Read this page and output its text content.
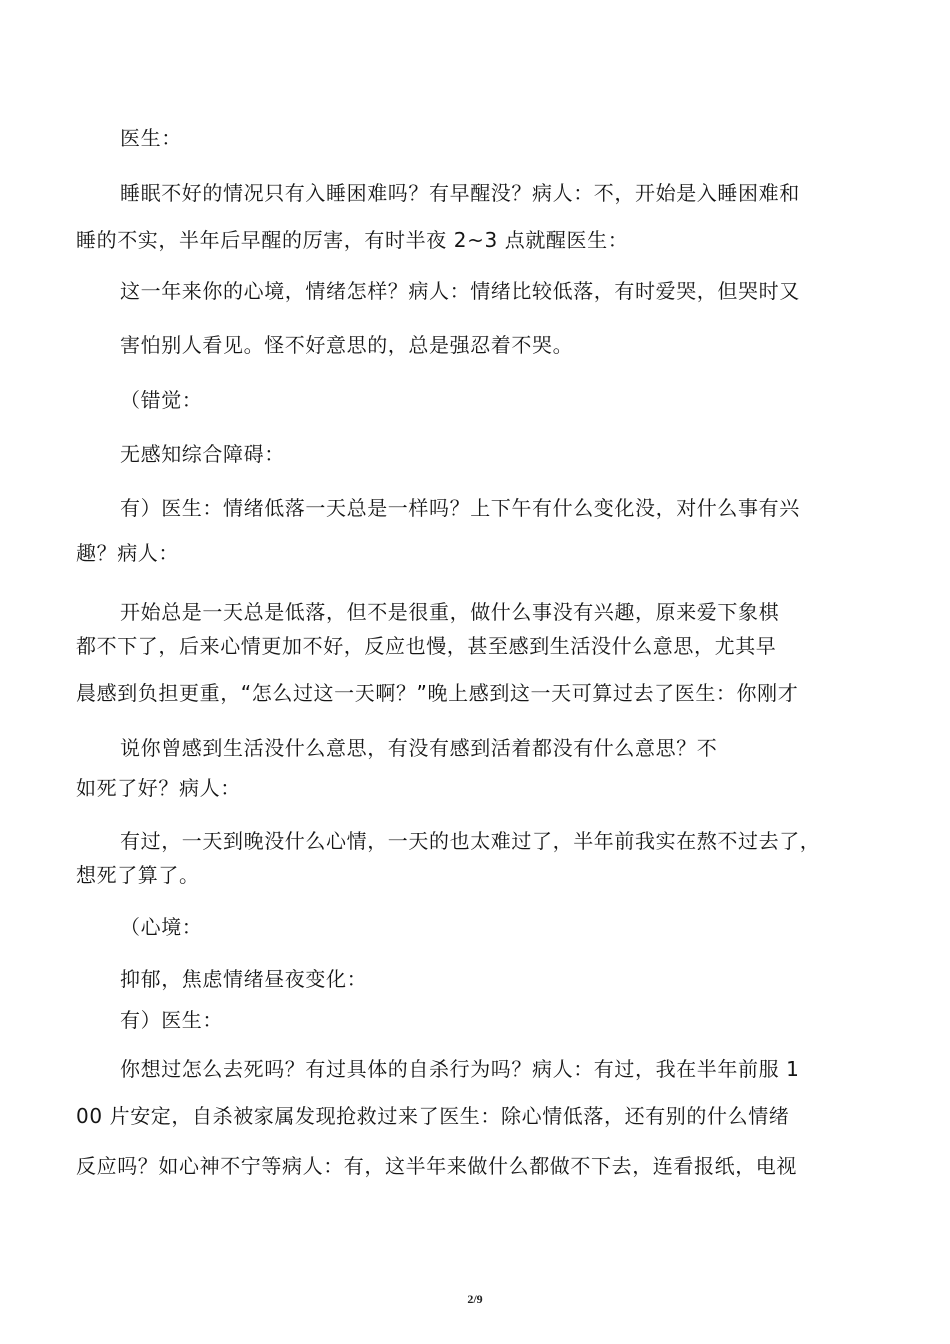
医生：
睡眠不好的情况只有入睡困难吗？有早醒没？病人：不，开始是入睡困难和
睡的不实，半年后早醒的厉害，有时半夜 2~3 点就醒医生：
这一年来你的心境，情绪怎样？病人：情绪比较低落，有时爱哭，但哭时又
害怕别人看见。怪不好意思的，总是强忍着不哭。
（错觉：
无感知综合障碍：
有）医生：情绪低落一天总是一样吗？上下午有什么变化没，对什么事有兴
趣？病人：
开始总是一天总是低落，但不是很重，做什么事没有兴趣，原来爱下象棋
都不下了，后来心情更加不好，反应也慢，甚至感到生活没什么意思，尤其早
晨感到负担更重，“怎么过这一天啊？”晚上感到这一天可算过去了医生：你刚才
说你曾感到生活没什么意思，有没有感到活着都没有什么意思？不
如死了好？病人：
有过，一天到晚没什么心情，一天的也太难过了，半年前我实在熬不过去了，
想死了算了。
（心境：
抑郁，焦虑情绪昼夜变化：
有）医生：
你想过怎么去死吗？有过具体的自杀行为吗？病人：有过，我在半年前服 1
00 片安定，自杀被家属发现抢救过来了医生：除心情低落，还有别的什么情绪
反应吗？如心神不宁等病人：有，这半年来做什么都做不下去，连看报纸，电视
2/9
